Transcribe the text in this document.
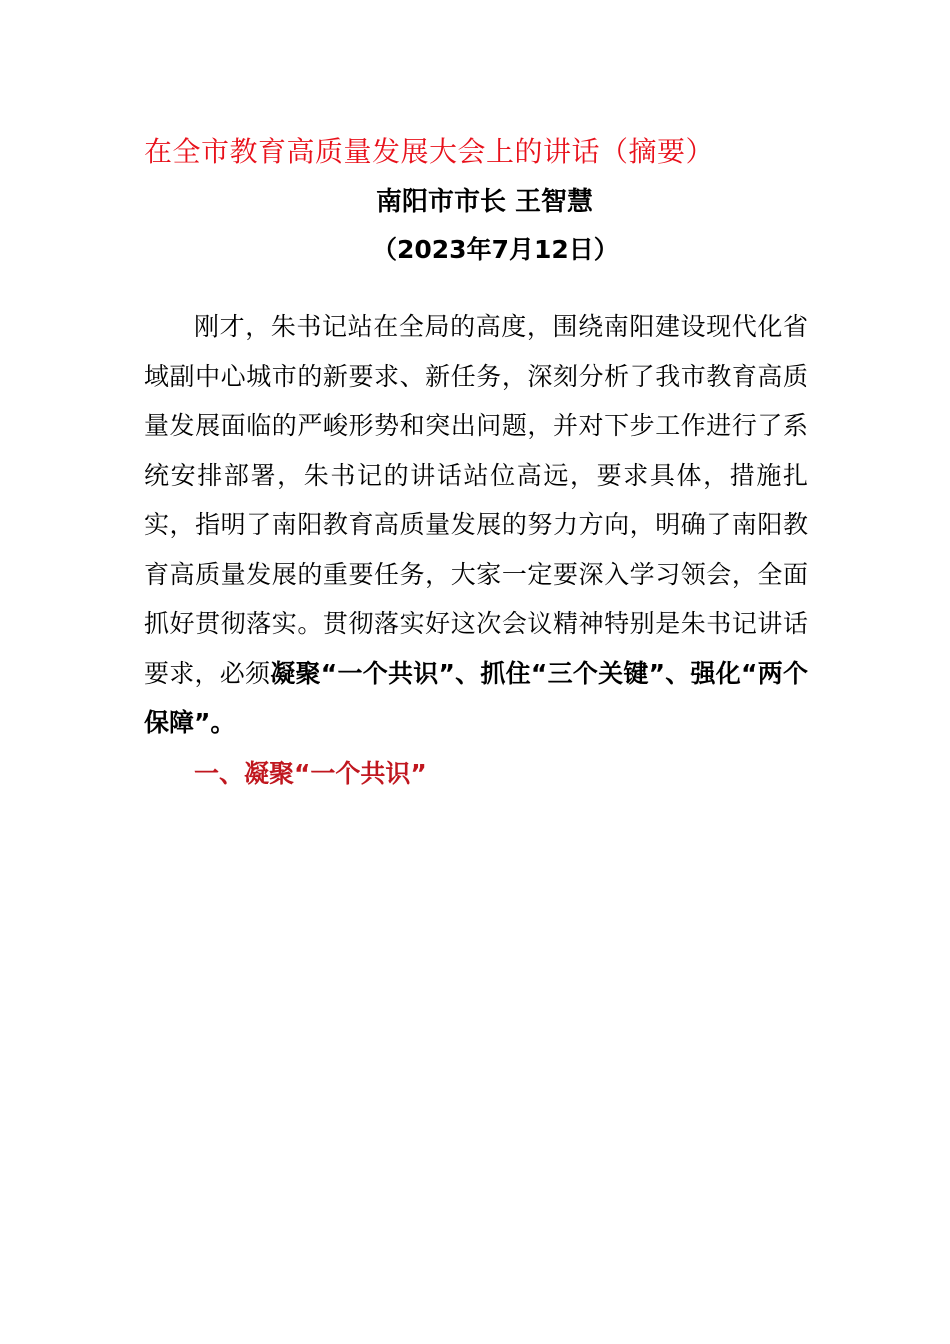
在全市教育高质量发展大会上的讲话（摘要）
南阳市市长 王智慧
（2023年7月12日）

刚才，朱书记站在全局的高度，围绕南阳建设现代化省域副中心城市的新要求、新任务，深刻分析了我市教育高质量发展面临的严峻形势和突出问题，并对下步工作进行了系统安排部署，朱书记的讲话站位高远，要求具体，措施扎实，指明了南阳教育高质量发展的努力方向，明确了南阳教育高质量发展的重要任务，大家一定要深入学习领会，全面抓好贯彻落实。贯彻落实好这次会议精神特别是朱书记讲话要求，必须凝聚“一个共识”、抓住“三个关键”、强化“两个保障”。

一、凝聚“一个共识”
